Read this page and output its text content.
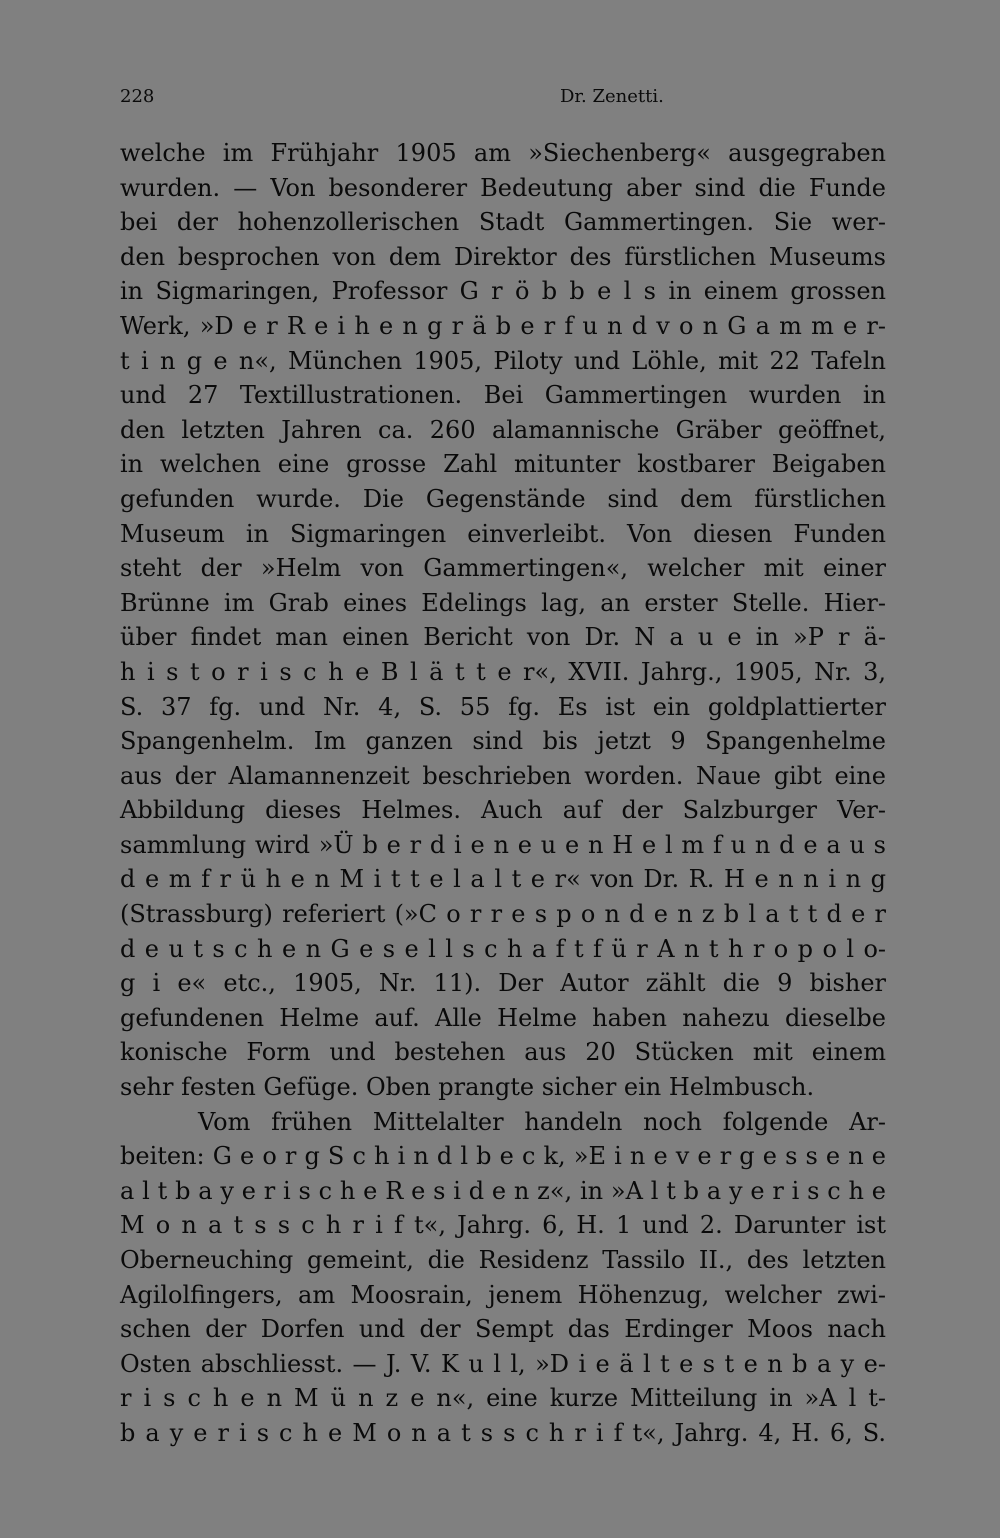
228	Dr. Zenetti.
welche im Frühjahr 1905 am »Siechenberg« ausgegraben
wurden. — Von besonderer Bedeutung aber sind die Funde
bei der hohenzollerischen Stadt Gammertingen. Sie wer-
den besprochen von dem Direktor des fürstlichen Museums
in Sigmaringen, Professor G r ö b b e l s in einem grossen
Werk, »D e r R e i h e n g r ä b e r f u n d v o n G a m m e r-
t i n g e n«, München 1905, Piloty und Löhle, mit 22 Tafeln
und 27 Textillustrationen. Bei Gammertingen wurden in
den letzten Jahren ca. 260 alamannische Gräber geöffnet,
in welchen eine grosse Zahl mitunter kostbarer Beigaben
gefunden wurde. Die Gegenstände sind dem fürstlichen
Museum in Sigmaringen einverleibt. Von diesen Funden
steht der »Helm von Gammertingen«, welcher mit einer
Brünne im Grab eines Edelings lag, an erster Stelle. Hier-
über findet man einen Bericht von Dr. N a u e in »P r ä-
h i s t o r i s c h e B l ä t t e r«, XVII. Jahrg., 1905, Nr. 3,
S. 37 fg. und Nr. 4, S. 55 fg. Es ist ein goldplattierter
Spangenhelm. Im ganzen sind bis jetzt 9 Spangenhelme
aus der Alamannenzeit beschrieben worden. Naue gibt eine
Abbildung dieses Helmes. Auch auf der Salzburger Ver-
sammlung wird »Ü b e r d i e n e u e n H e l m f u n d e a u s
d e m f r ü h e n M i t t e l a l t e r« von Dr. R. H e n n i n g
(Strassburg) referiert (»C o r r e s p o n d e n z b l a t t d e r
d e u t s c h e n G e s e l l s c h a f t f ü r A n t h r o p o l o-
g i e« etc., 1905, Nr. 11). Der Autor zählt die 9 bisher
gefundenen Helme auf. Alle Helme haben nahezu dieselbe
konische Form und bestehen aus 20 Stücken mit einem
sehr festen Gefüge. Oben prangte sicher ein Helmbusch.
Vom frühen Mittelalter handeln noch folgende Ar-
beiten: G e o r g S c h i n d l b e c k, »E i n e v e r g e s s e n e
a l t b a y e r i s c h e R e s i d e n z«, in »A l t b a y e r i s c h e
M o n a t s s c h r i f t«, Jahrg. 6, H. 1 und 2. Darunter ist
Oberneuching gemeint, die Residenz Tassilo II., des letzten
Agilolfingers, am Moosrain, jenem Höhenzug, welcher zwi-
schen der Dorfen und der Sempt das Erdinger Moos nach
Osten abschliesst. — J. V. K u l l, »D i e ä l t e s t e n b a y e-
r i s c h e n M ü n z e n«, eine kurze Mitteilung in »A l t-
b a y e r i s c h e M o n a t s s c h r i f t«, Jahrg. 4, H. 6, S.
